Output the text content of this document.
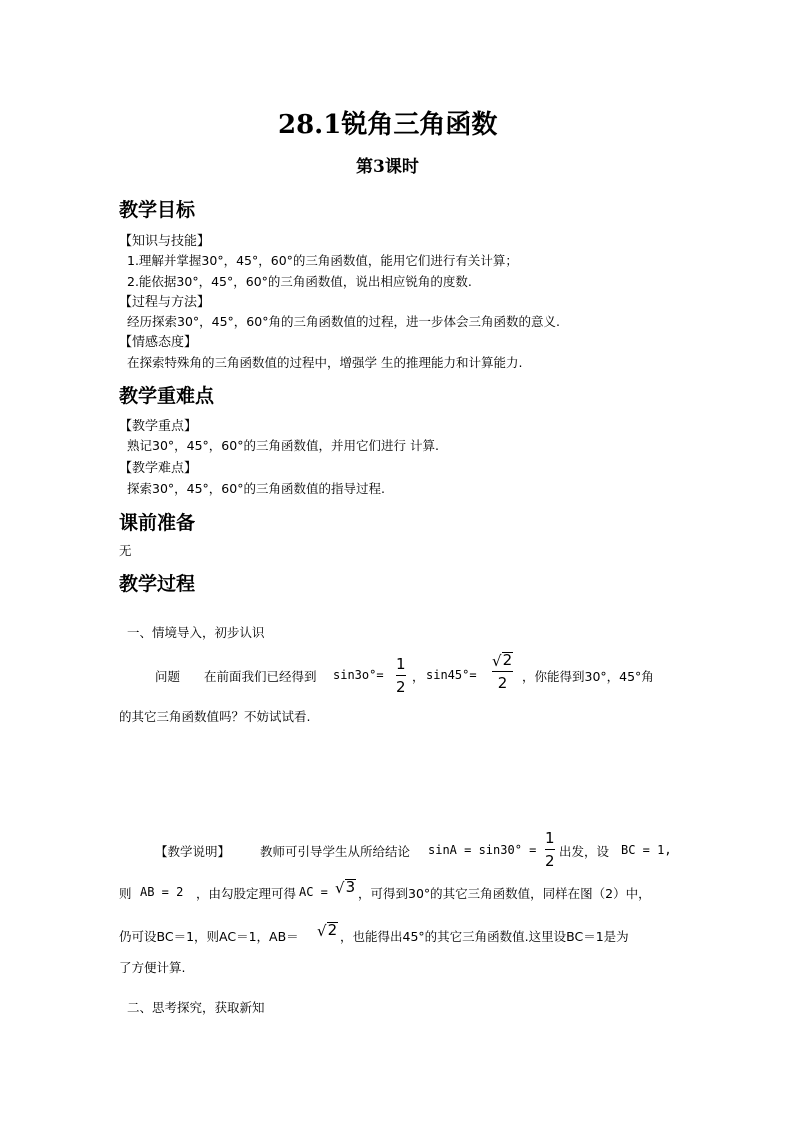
28.1锐角三角函数
第3课时
教学目标
【知识与技能】
1.理解并掌握30°，45°，60°的三角函数值，能用它们进行有关计算；
2.能依据30°，45°，60°的三角函数值，说出相应锐角的度数.
【过程与方法】
经历探索30°，45°，60°角的三角函数值的过程，进一步体会三角函数的意义.
【情感态度】
在探索特殊角的三角函数值的过程中，增强学 生的推理能力和计算能力.
教学重难点
【教学重点】
熟记30°，45°，60°的三角函数值，并用它们进行 计算.
【教学难点】
探索30°，45°，60°的三角函数值的指导过程.
课前准备
无
教学过程
一、情境导入，初步认识
问题 在前面我们已经得到 sin3o°=
1
2
， sin45°=
√ 2
2 ，你能得到30°，45°角
的其它三角函数值吗？不妨试试看.
【教学说明】 教师可引导学生从所给结论 sinA = sin30° =
1
2
出发，设 BC = 1,
则 AB = 2 ，由勾股定理可得 AC = √ 3 ，可得到30°的其它三角函数值，同样在图（2）中，
仍可设BC＝1，则AC＝1，AB＝ √ 2 ，也能得出45°的其它三角函数值.这里设BC＝1是为
了方便计算.
二、思考探究，获取新知
